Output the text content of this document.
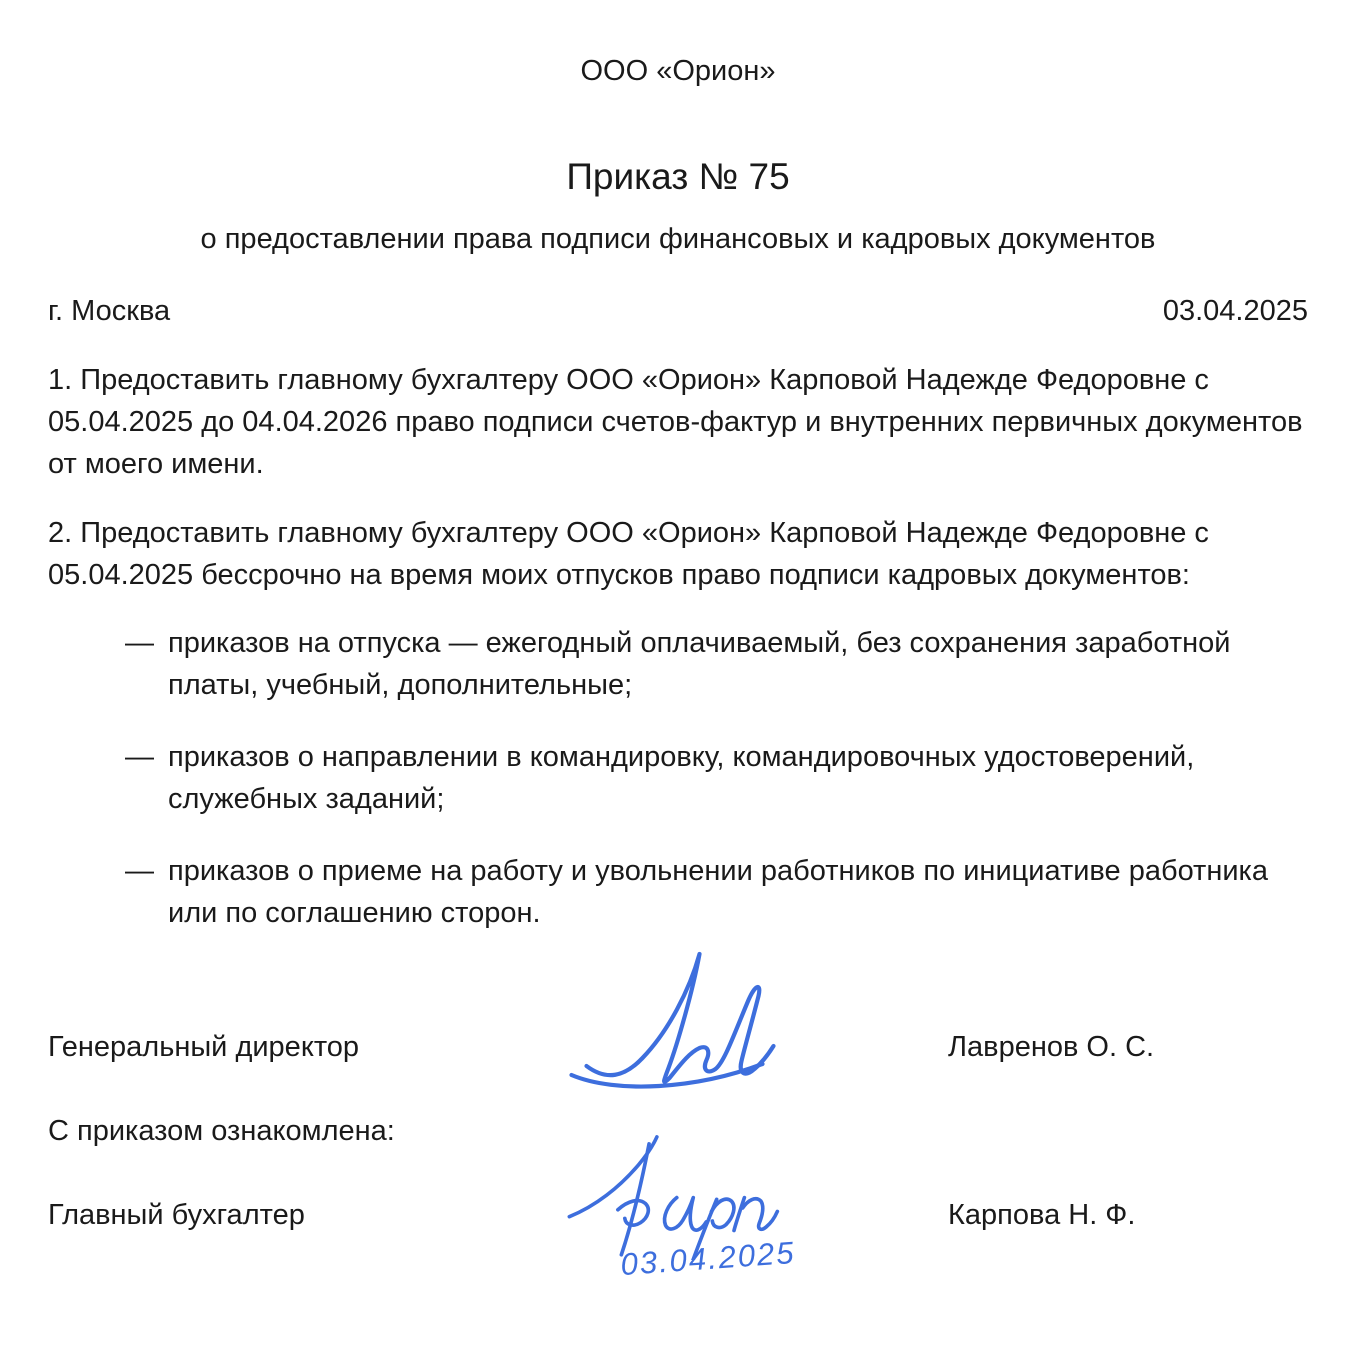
ООО «Орион»
Приказ № 75
о предоставлении права подписи финансовых и кадровых документов
г. Москва	03.04.2025
1. Предоставить главному бухгалтеру ООО «Орион» Карповой Надежде Федоровне с 05.04.2025 до 04.04.2026 право подписи счетов-фактур и внутренних первичных документов от моего имени.
2. Предоставить главному бухгалтеру ООО «Орион» Карповой Надежде Федоровне с 05.04.2025 бессрочно на время моих отпусков право подписи кадровых документов:
— приказов на отпуска — ежегодный оплачиваемый, без сохранения заработной платы, учебный, дополнительные;
— приказов о направлении в командировку, командировочных удостоверений, служебных заданий;
— приказов о приеме на работу и увольнении работников по инициативе работника или по соглашению сторон.
Генеральный директор	Лавренов О. С.
С приказом ознакомлена:
Главный бухгалтер
03.04.2025
Карпова Н. Ф.
